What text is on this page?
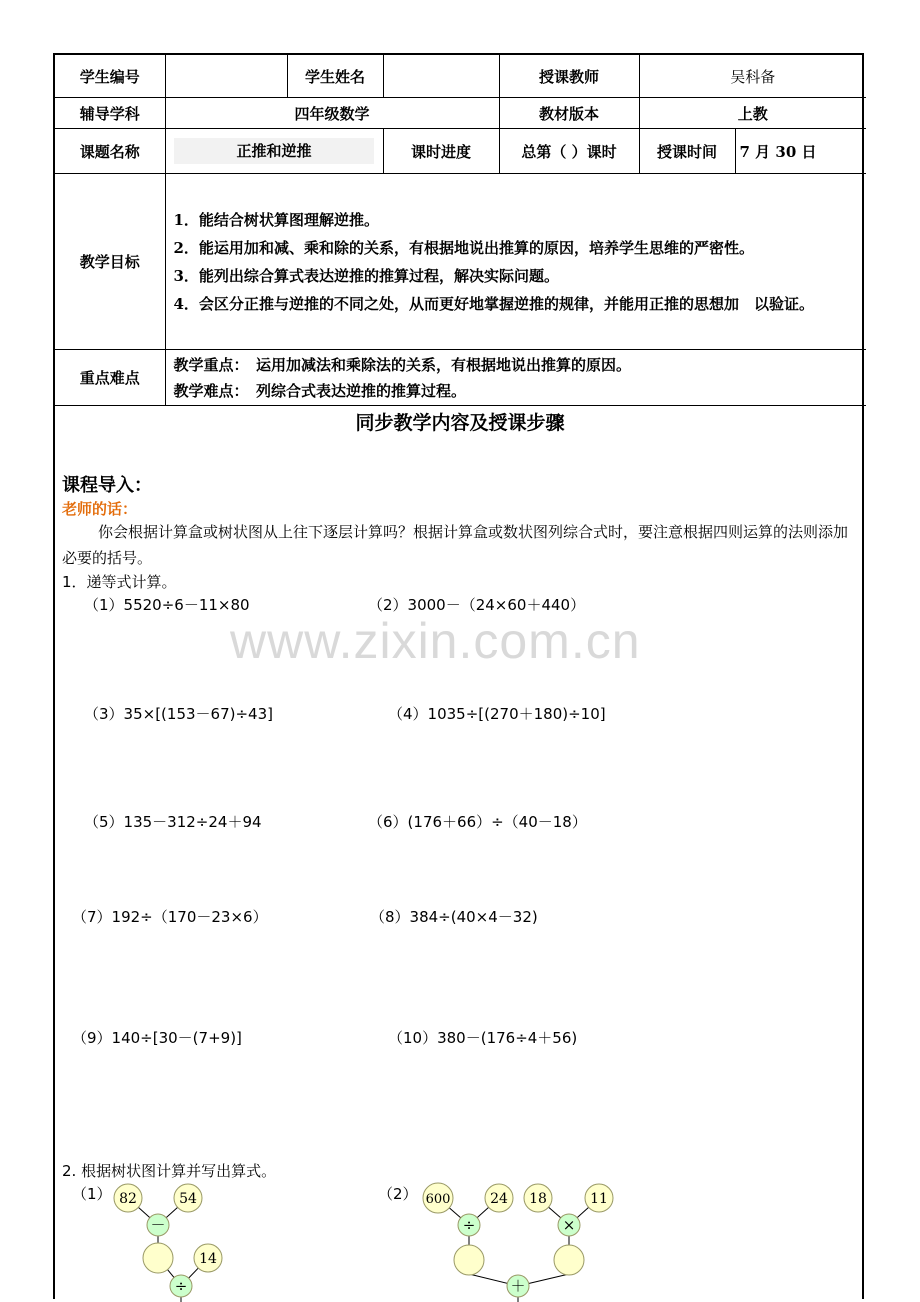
学生编号		学生姓名		授课教师	吴科备	
辅导学科	四年级数学			教材版本	上教	
课题名称	正推和逆推		课时进度	总第（ ）课时	授课时间	7 月 30 日
教学目标	1．能结合树状算图理解逆推。
2．能运用加和减、乘和除的关系，有根据地说出推算的原因，培养学生思维的严密性。
3．能列出综合算式表达逆推的推算过程，解决实际问题。
4．会区分正推与逆推的不同之处，从而更好地掌握逆推的规律，并能用正推的思想加　以验证。					

重点难点	教学重点：　运用加减法和乘除法的关系，有根据地说出推算的原因。
教学难点：　列综合式表达逆推的推算过程。					
同步教学内容及授课步骤
课程导入：
老师的话：
你会根据计算盒或树状图从上往下逐层计算吗？根据计算盒或数状图列综合式时，要注意根据四则运算的法则添加必要的括号。
1．递等式计算。
（1）5520÷6－11×80	（2）3000－（24×60＋440）
（3）35×[(153－67)÷43]	（4）1035÷[(270＋180)÷10]
（5）135－312÷24＋94	（6）(176＋66）÷（40－18）
（7）192÷（170－23×6）	（8）384÷(40×4－32)
（9）140÷[30－(7+9)]	（10）380－(176÷4＋56)
www.zixin.com.cn
2. 根据树状图计算并写出算式。
（1）	（2）
82	54
－
14
÷
600	24
÷
18	11
×
＋
